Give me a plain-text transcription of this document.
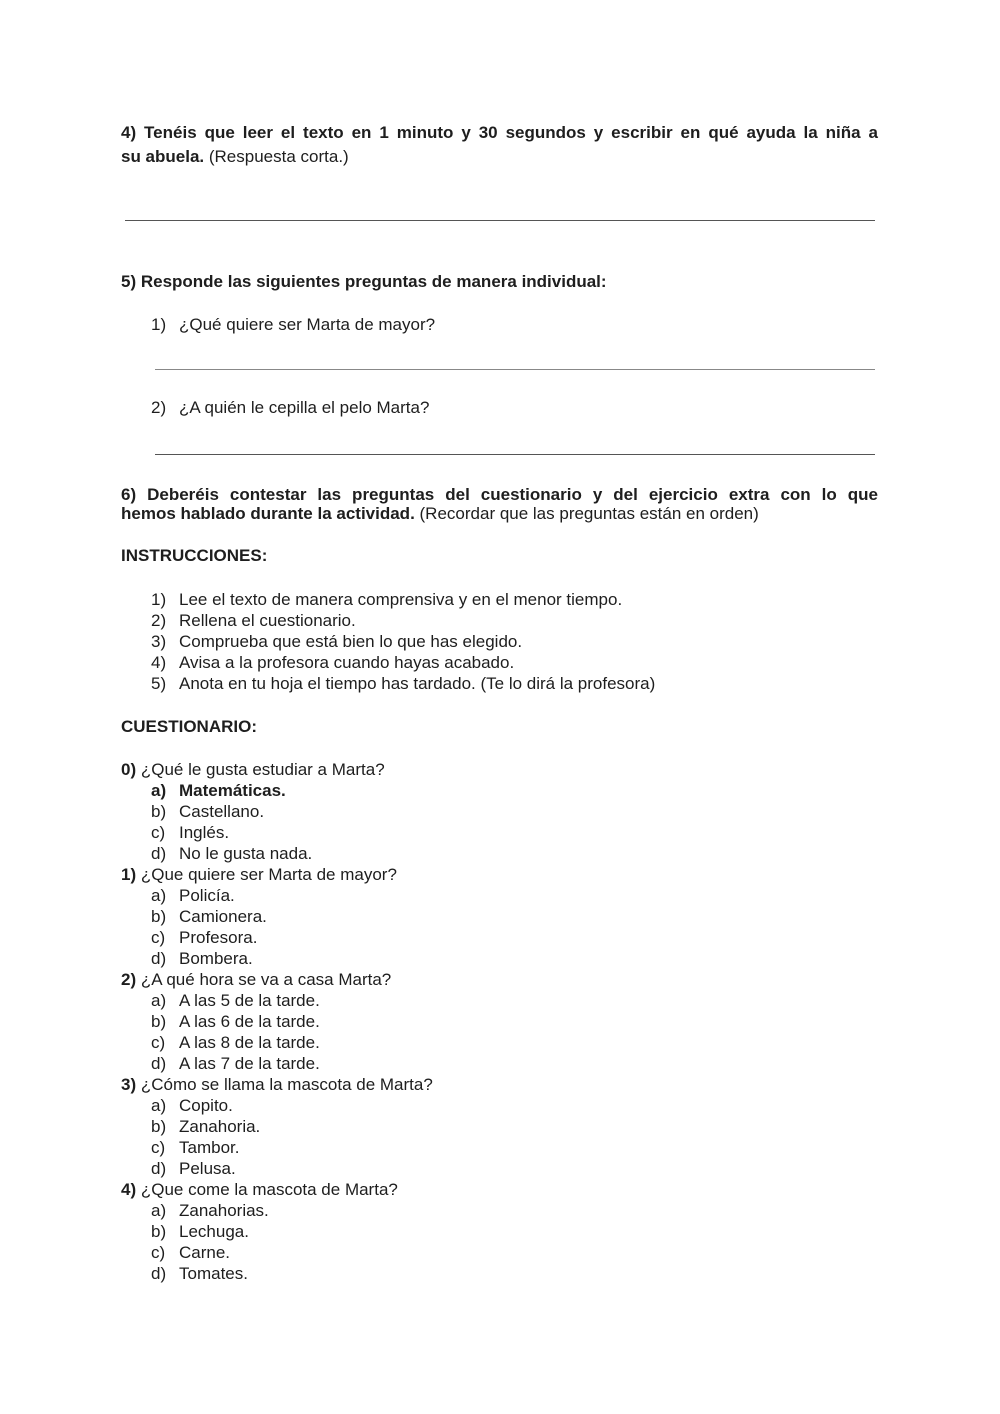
4) Tenéis que leer el texto en 1 minuto y 30 segundos y escribir en qué ayuda la niña a
su abuela. (Respuesta corta.)
5) Responde las siguientes preguntas de manera individual:
1) ¿Qué quiere ser Marta de mayor?
2) ¿A quién le cepilla el pelo Marta?
6) Deberéis contestar las preguntas del cuestionario y del ejercicio extra con lo que
hemos hablado durante la actividad. (Recordar que las preguntas están en orden)
INSTRUCCIONES:
1) Lee el texto de manera comprensiva y en el menor tiempo.
2) Rellena el cuestionario.
3) Comprueba que está bien lo que has elegido.
4) Avisa a la profesora cuando hayas acabado.
5) Anota en tu hoja el tiempo has tardado. (Te lo dirá la profesora)
CUESTIONARIO:
0) ¿Qué le gusta estudiar a Marta?
a) Matemáticas.
b) Castellano.
c) Inglés.
d) No le gusta nada.
1) ¿Que quiere ser Marta de mayor?
a) Policía.
b) Camionera.
c) Profesora.
d) Bombera.
2) ¿A qué hora se va a casa Marta?
a) A las 5 de la tarde.
b) A las 6 de la tarde.
c) A las 8 de la tarde.
d) A las 7 de la tarde.
3) ¿Cómo se llama la mascota de Marta?
a) Copito.
b) Zanahoria.
c) Tambor.
d) Pelusa.
4) ¿Que come la mascota de Marta?
a) Zanahorias.
b) Lechuga.
c) Carne.
d) Tomates.
